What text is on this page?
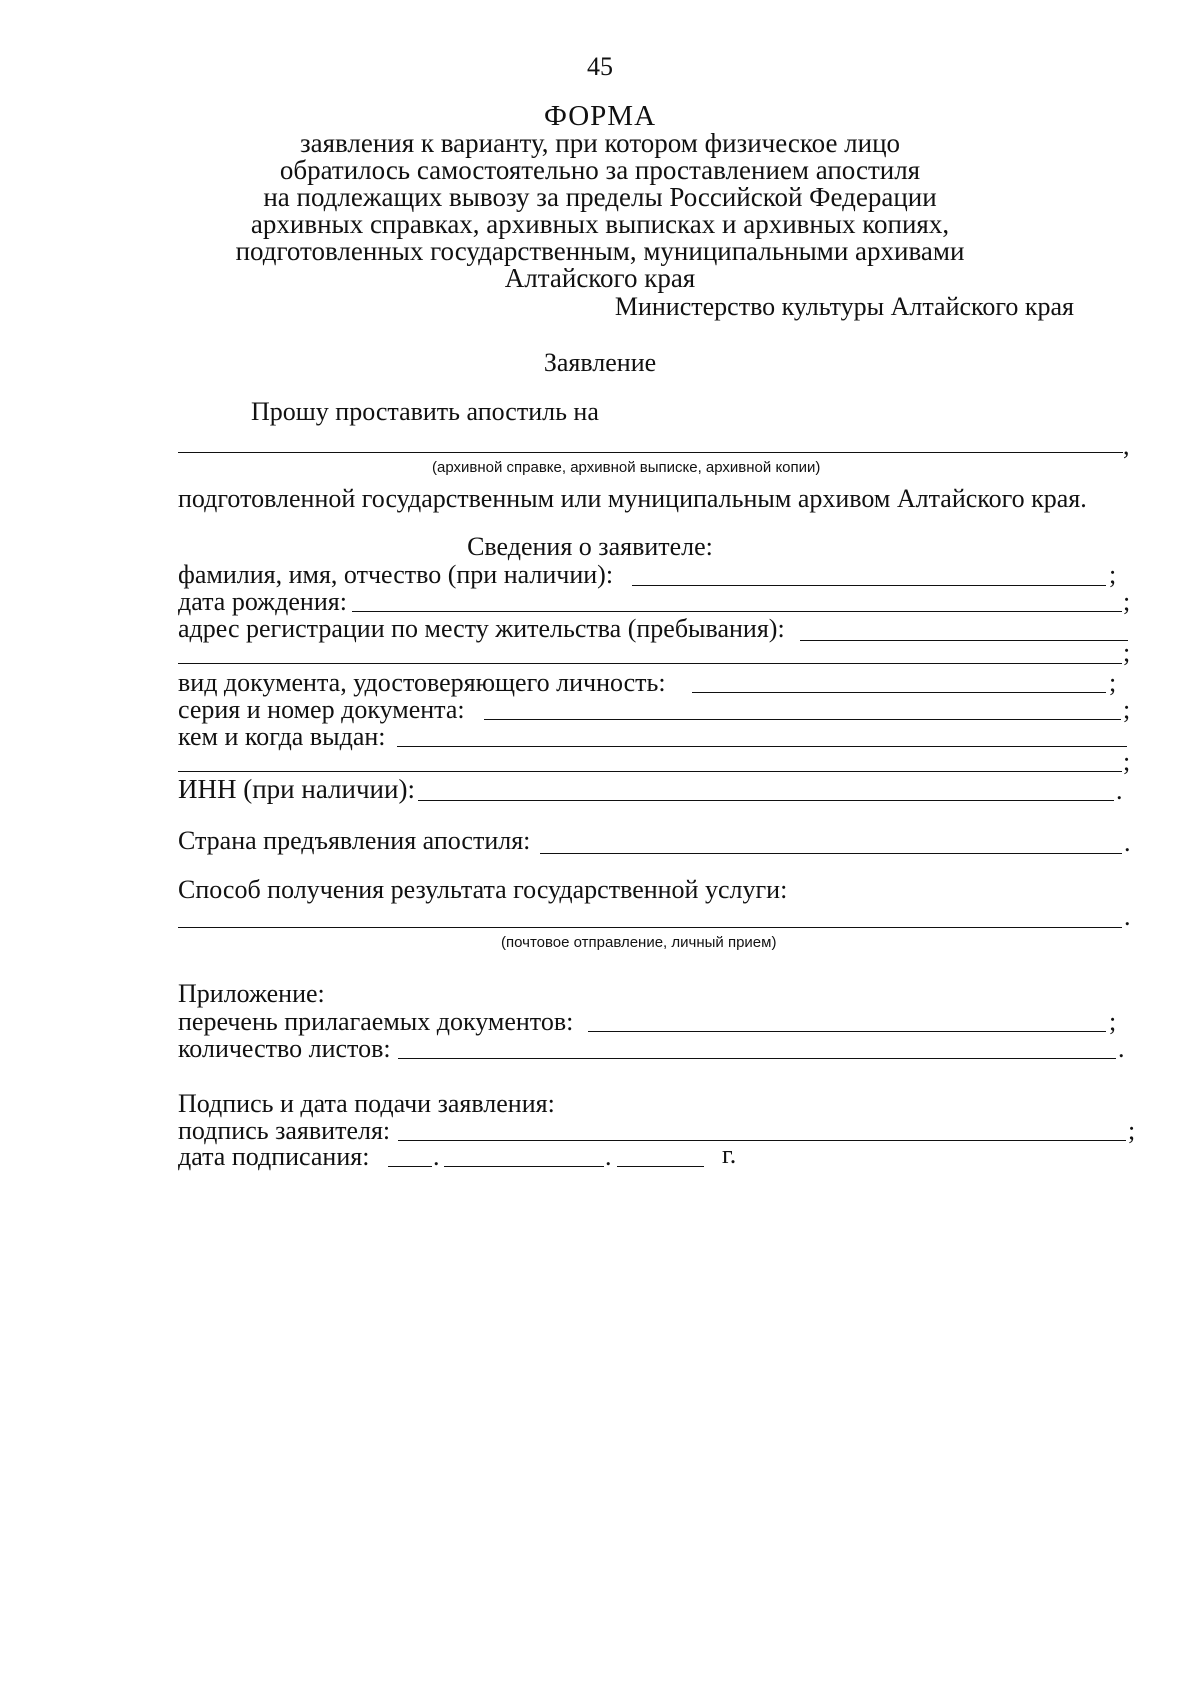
45
ФОРМА
заявления к варианту, при котором физическое лицо
обратилось самостоятельно за проставлением апостиля
на подлежащих вывозу за пределы Российской Федерации
архивных справках, архивных выписках и архивных копиях,
подготовленных государственным, муниципальными архивами
Алтайского края
Министерство культуры Алтайского края
Заявление
Прошу проставить апостиль на
,
(архивной справке, архивной выписке, архивной копии)
подготовленной государственным или муниципальным архивом Алтайского края.
Сведения о заявителе:
фамилия, имя, отчество (при наличии):	;
дата рождения:	;
адрес регистрации по месту жительства (пребывания):
;
вид документа, удостоверяющего личность:	;
серия и номер документа:	;
кем и когда выдан:
;
ИНН (при наличии):	.
Страна предъявления апостиля:	.
Способ получения результата государственной услуги:
.
(почтовое отправление, личный прием)
Приложение:
перечень прилагаемых документов:	;
количество листов:	.
Подпись и дата подачи заявления:
подпись заявителя:	;
дата подписания: .	.	г.
